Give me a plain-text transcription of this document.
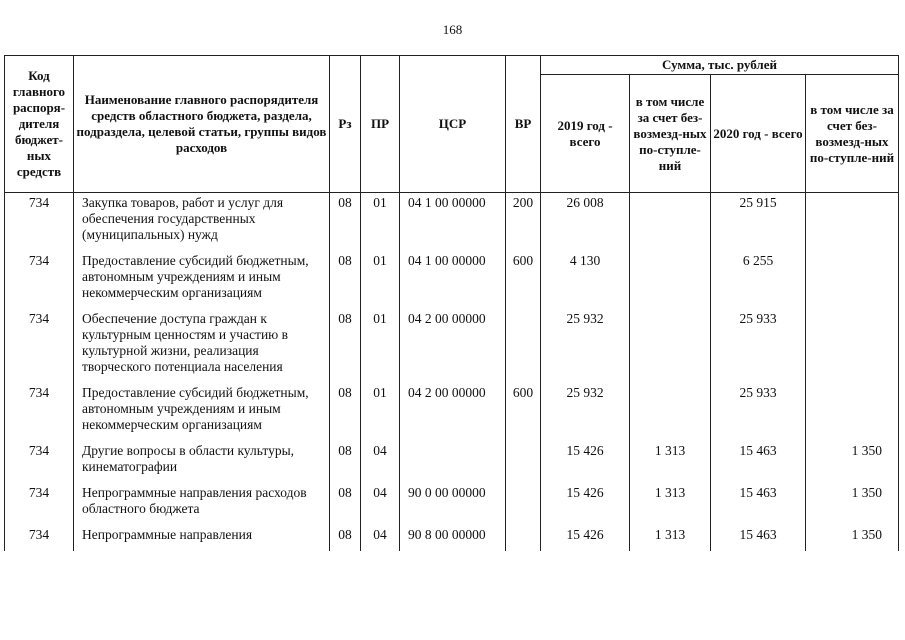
168
Код главного распоря-дителя бюджет-ных средств	Наименование главного распорядителя средств областного бюджета, раздела, подраздела, целевой статьи, группы видов расходов	Рз	ПР	ЦСР	ВР	Сумма, тыс. рублей			
						2019 год - всего	в том числе за счет без-возмезд-ных по-ступле-ний	2020 год - всего	в том числе за счет без-возмезд-ных по-ступле-ний
734	Закупка товаров, работ и услуг для обеспечения государственных (муниципальных) нужд	08	01	04 1 00 00000	200	26 008		25 915	
734	Предоставление субсидий бюджетным, автономным учреждениям и иным некоммерческим организациям	08	01	04 1 00 00000	600	4 130		6 255	
734	Обеспечение доступа граждан к культурным ценностям и участию в культурной жизни, реализация творческого потенциала населения	08	01	04 2 00 00000		25 932		25 933	
734	Предоставление субсидий бюджетным, автономным учреждениям и иным некоммерческим организациям	08	01	04 2 00 00000	600	25 932		25 933	
734	Другие вопросы в области культуры, кинематографии	08	04			15 426	1 313	15 463	1 350
734	Непрограммные направления расходов областного бюджета	08	04	90 0 00 00000		15 426	1 313	15 463	1 350
734	Непрограммные направления	08	04	90 8 00 00000		15 426	1 313	15 463	1 350
